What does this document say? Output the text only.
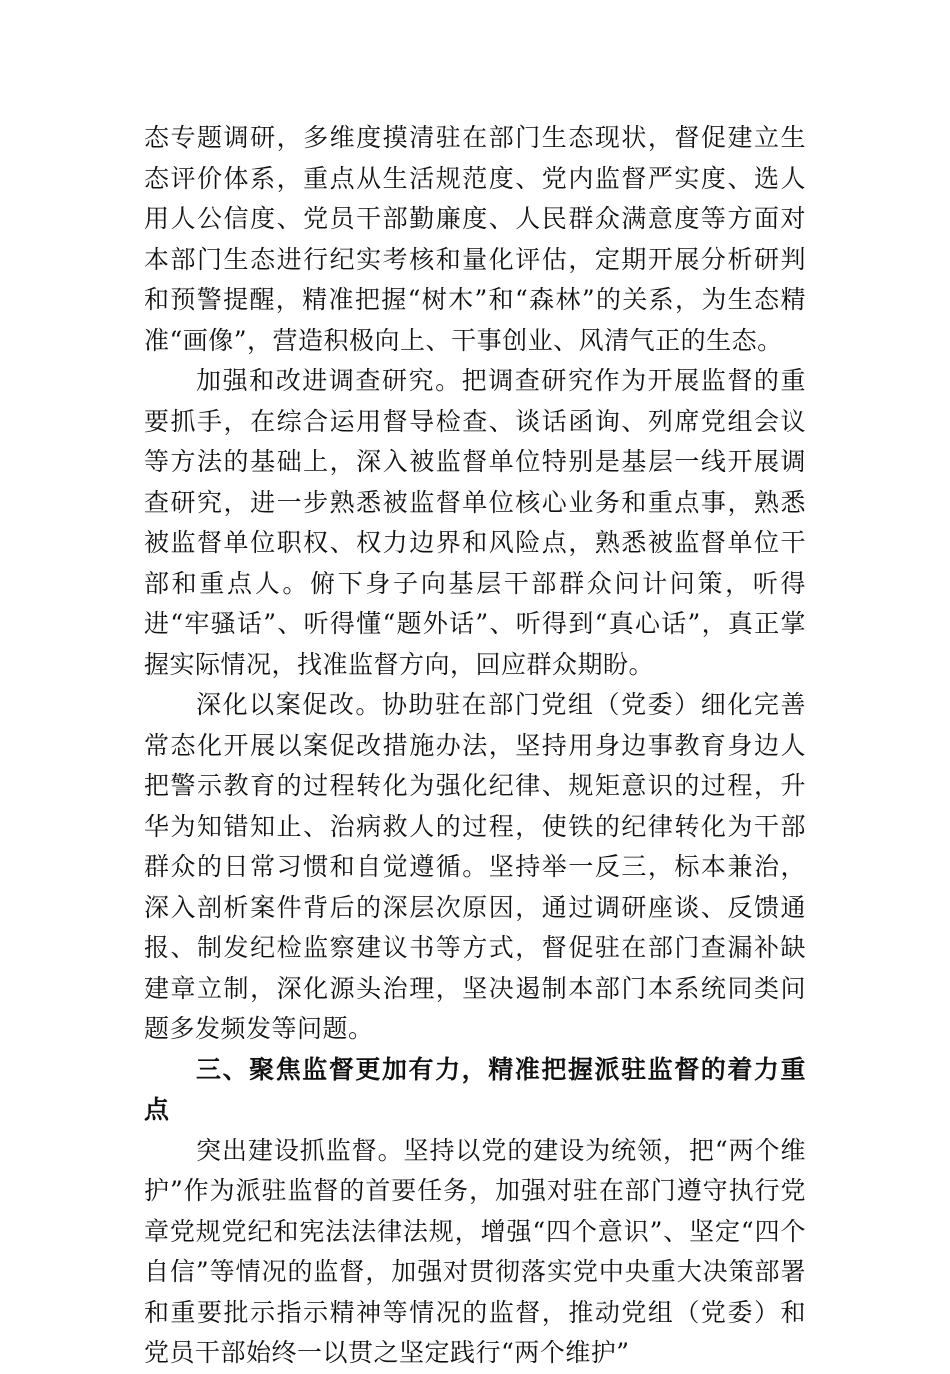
态专题调研，多维度摸清驻在部门生态现状，督促建立生态评价体系，重点从生活规范度、党内监督严实度、选人用人公信度、党员干部勤廉度、人民群众满意度等方面对本部门生态进行纪实考核和量化评估，定期开展分析研判和预警提醒，精准把握“树木”和“森林”的关系，为生态精准“画像”，营造积极向上、干事创业、风清气正的生态。

加强和改进调查研究。把调查研究作为开展监督的重要抓手，在综合运用督导检查、谈话函询、列席党组会议等方法的基础上，深入被监督单位特别是基层一线开展调查研究，进一步熟悉被监督单位核心业务和重点事，熟悉被监督单位职权、权力边界和风险点，熟悉被监督单位干部和重点人。俯下身子向基层干部群众问计问策，听得进“牢骚话”、听得懂“题外话”、听得到“真心话”，真正掌握实际情况，找准监督方向，回应群众期盼。

深化以案促改。协助驻在部门党组（党委）细化完善常态化开展以案促改措施办法，坚持用身边事教育身边人把警示教育的过程转化为强化纪律、规矩意识的过程，升华为知错知止、治病救人的过程，使铁的纪律转化为干部群众的日常习惯和自觉遵循。坚持举一反三，标本兼治，深入剖析案件背后的深层次原因，通过调研座谈、反馈通报、制发纪检监察建议书等方式，督促驻在部门查漏补缺建章立制，深化源头治理，坚决遏制本部门本系统同类问题多发频发等问题。

三、聚焦监督更加有力，精准把握派驻监督的着力重点

突出建设抓监督。坚持以党的建设为统领，把“两个维护”作为派驻监督的首要任务，加强对驻在部门遵守执行党章党规党纪和宪法法律法规，增强“四个意识”、坚定“四个自信”等情况的监督，加强对贯彻落实党中央重大决策部署和重要批示指示精神等情况的监督，推动党组（党委）和党员干部始终一以贯之坚定践行“两个维护”
